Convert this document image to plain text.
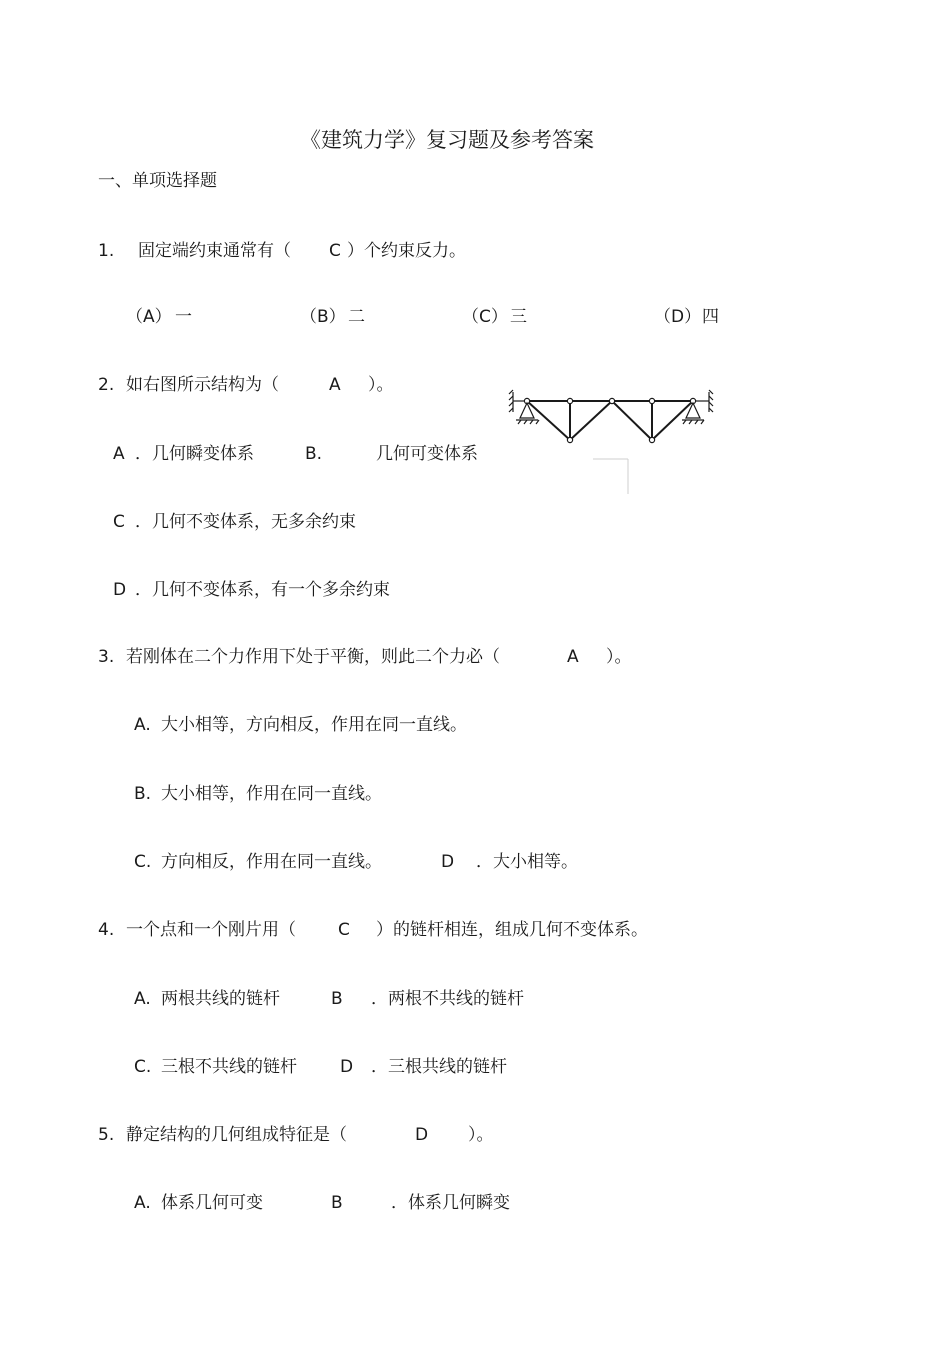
《建筑力学》复习题及参考答案
一、单项选择题
1. 固定端约束通常有（ C ）个约束反力。
（A） 一	（B） 二	（C） 三	（D） 四
2. 如右图所示结构为（	A ）。
A ．几何瞬变体系	B.	几何可变体系
C ．几何不变体系，无多余约束
D ．几何不变体系，有一个多余约束
3. 若刚体在二个力作用下处于平衡，则此二个力必（	A ）。
A. 大小相等，方向相反，作用在同一直线。
B. 大小相等，作用在同一直线。
C. 方向相反，作用在同一直线。	D ．大小相等。
4. 一个点和一个刚片用（ C ）的链杆相连，组成几何不变体系。
A. 两根共线的链杆	B ．两根不共线的链杆
C. 三根不共线的链杆	D ．三根共线的链杆
5. 静定结构的几何组成特征是（	D ）。
A. 体系几何可变	B	．体系几何瞬变
